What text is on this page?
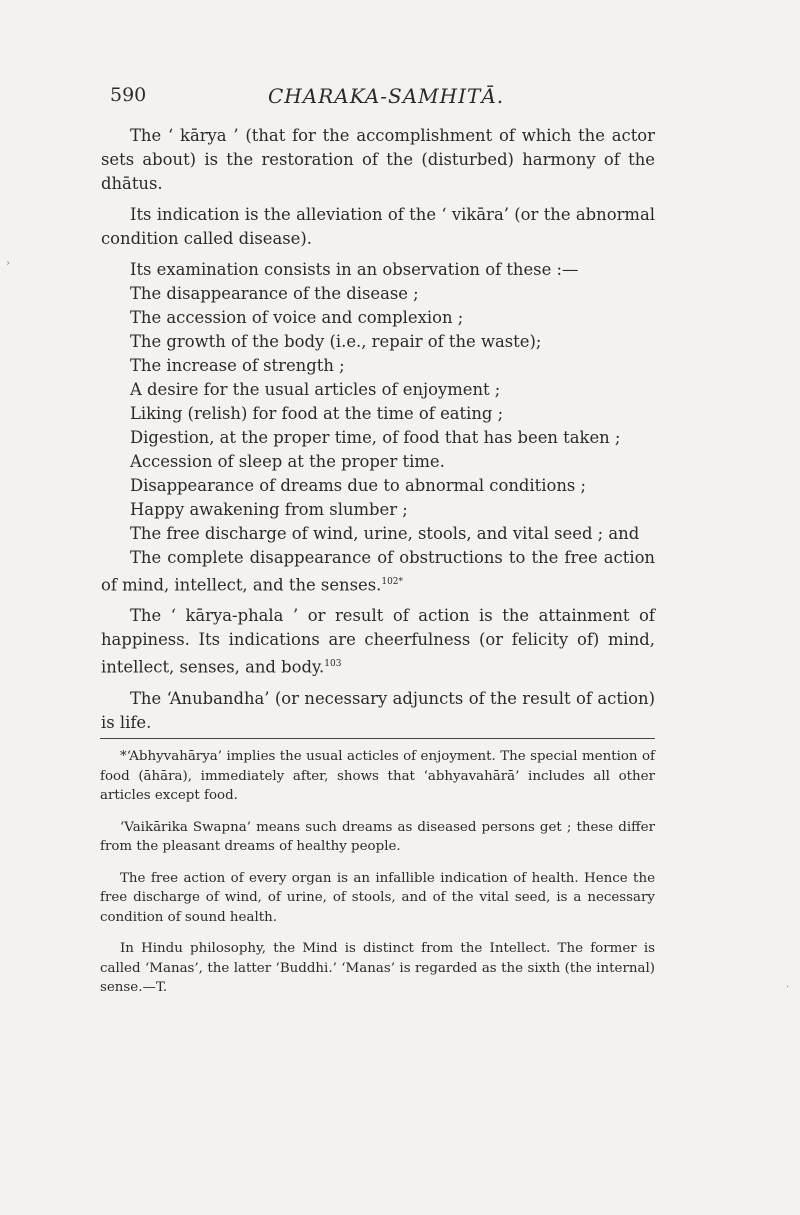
590	CHARAKA-SAMHITĀ.

The ‘ kārya ’ (that for the accomplishment of which the actor sets about) is the restoration of the (disturbed) harmony of the dhātus.

Its indication is the alleviation of the ‘ vikāra’ (or the abnormal condition called disease).

Its examination consists in an observation of these :—

The disappearance of the disease ;
The accession of voice and complexion ;
The growth of the body (i.e., repair of the waste);
The increase of strength ;
A desire for the usual articles of enjoyment ;
Liking (relish) for food at the time of eating ;
Digestion, at the proper time, of food that has been taken ;
Accession of sleep at the proper time.
Disappearance of dreams due to abnormal conditions ;
Happy awakening from slumber ;
The free discharge of wind, urine, stools, and vital seed ; and

The complete disappearance of obstructions to the free action of mind, intellect, and the senses.$^{102*}$

The ‘ kārya-phala ’ or result of action is the attainment of happiness. Its indications are cheerfulness (or felicity of) mind, intellect, senses, and body.$^{103}$

The ‘Anubandha’ (or necessary adjuncts of the result of action) is life.

*‘Abhyvahārya’ implies the usual acticles of enjoyment. The special mention of food (āhāra), immediately after, shows that ‘abhyavahārā’ includes all other articles except food.

‘Vaikārika Swapna’ means such dreams as diseased persons get ; these differ from the pleasant dreams of healthy people.

The free action of every organ is an infallible indication of health. Hence the free discharge of wind, of urine, of stools, and of the vital seed, is a necessary condition of sound health.

In Hindu philosophy, the Mind is distinct from the Intellect. The former is called ‘Manas’, the latter ‘Buddhi.’ ‘Manas’ is regarded as the sixth (the internal) sense.—T.

›
·
